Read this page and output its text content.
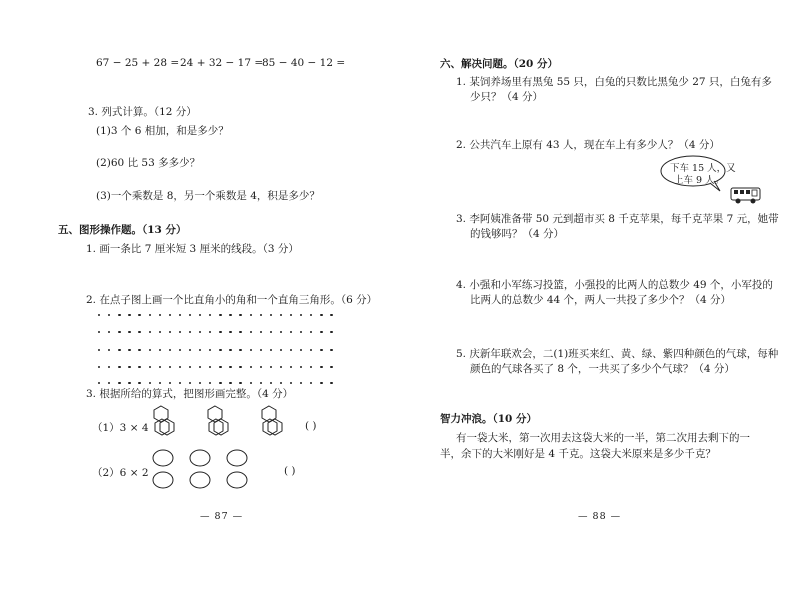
67 − 25 + 28 = 24 + 32 − 17 =
85 − 40 − 12 =
3. 列式计算。（12 分）
(1)3 个 6 相加，和是多少？
(2)60 比 53 多多少？
(3)一个乘数是 8，另一个乘数是 4，积是多少？
五、图形操作题。（13 分）
1. 画一条比 7 厘米短 3 厘米的线段。（3 分）
2. 在点子图上画一个比直角小的角和一个直角三角形。（6 分）
3. 根据所给的算式，把图形画完整。（4 分）
（1）3 × 4	( )
（2）6 × 2	( )
— 87 —
六、解决问题。（20 分）
1. 某饲养场里有黑兔 55 只，白兔的只数比黑兔少 27 只，白兔有多
少只？（4 分）
2. 公共汽车上原有 43 人，现在车上有多少人？（4 分）
下车 15 人，又
上车 9 人。
3. 李阿姨准备带 50 元到超市买 8 千克苹果，每千克苹果 7 元，她带
的钱够吗？（4 分）
4. 小强和小军练习投篮，小强投的比两人的总数少 49 个，小军投的
比两人的总数少 44 个，两人一共投了多少个？（4 分）
5. 庆新年联欢会，二(1)班买来红、黄、绿、紫四种颜色的气球，每种
颜色的气球各买了 8 个，一共买了多少个气球？（4 分）
智力冲浪。（10 分）
有一袋大米，第一次用去这袋大米的一半，第二次用去剩下的一
半，余下的大米刚好是 4 千克。这袋大米原来是多少千克？
— 88 —
